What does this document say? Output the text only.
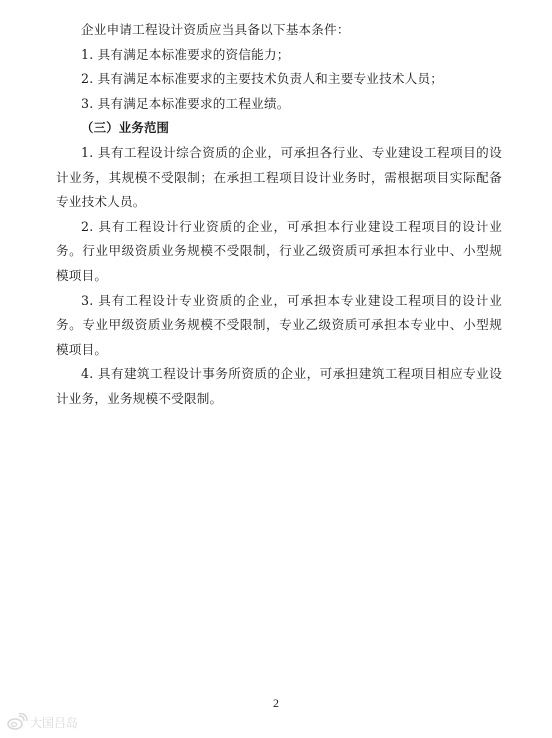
企业申请工程设计资质应当具备以下基本条件：

1. 具有满足本标准要求的资信能力；

2. 具有满足本标准要求的主要技术负责人和主要专业技术人员；

3. 具有满足本标准要求的工程业绩。

（三）业务范围

1. 具有工程设计综合资质的企业，可承担各行业、专业建设工程项目的设计业务，其规模不受限制；在承担工程项目设计业务时，需根据项目实际配备专业技术人员。

2. 具有工程设计行业资质的企业，可承担本行业建设工程项目的设计业务。行业甲级资质业务规模不受限制，行业乙级资质可承担本行业中、小型规模项目。

3. 具有工程设计专业资质的企业，可承担本专业建设工程项目的设计业务。专业甲级资质业务规模不受限制，专业乙级资质可承担本专业中、小型规模项目。

4. 具有建筑工程设计事务所资质的企业，可承担建筑工程项目相应专业设计业务，业务规模不受限制。

2
大国吕岛
